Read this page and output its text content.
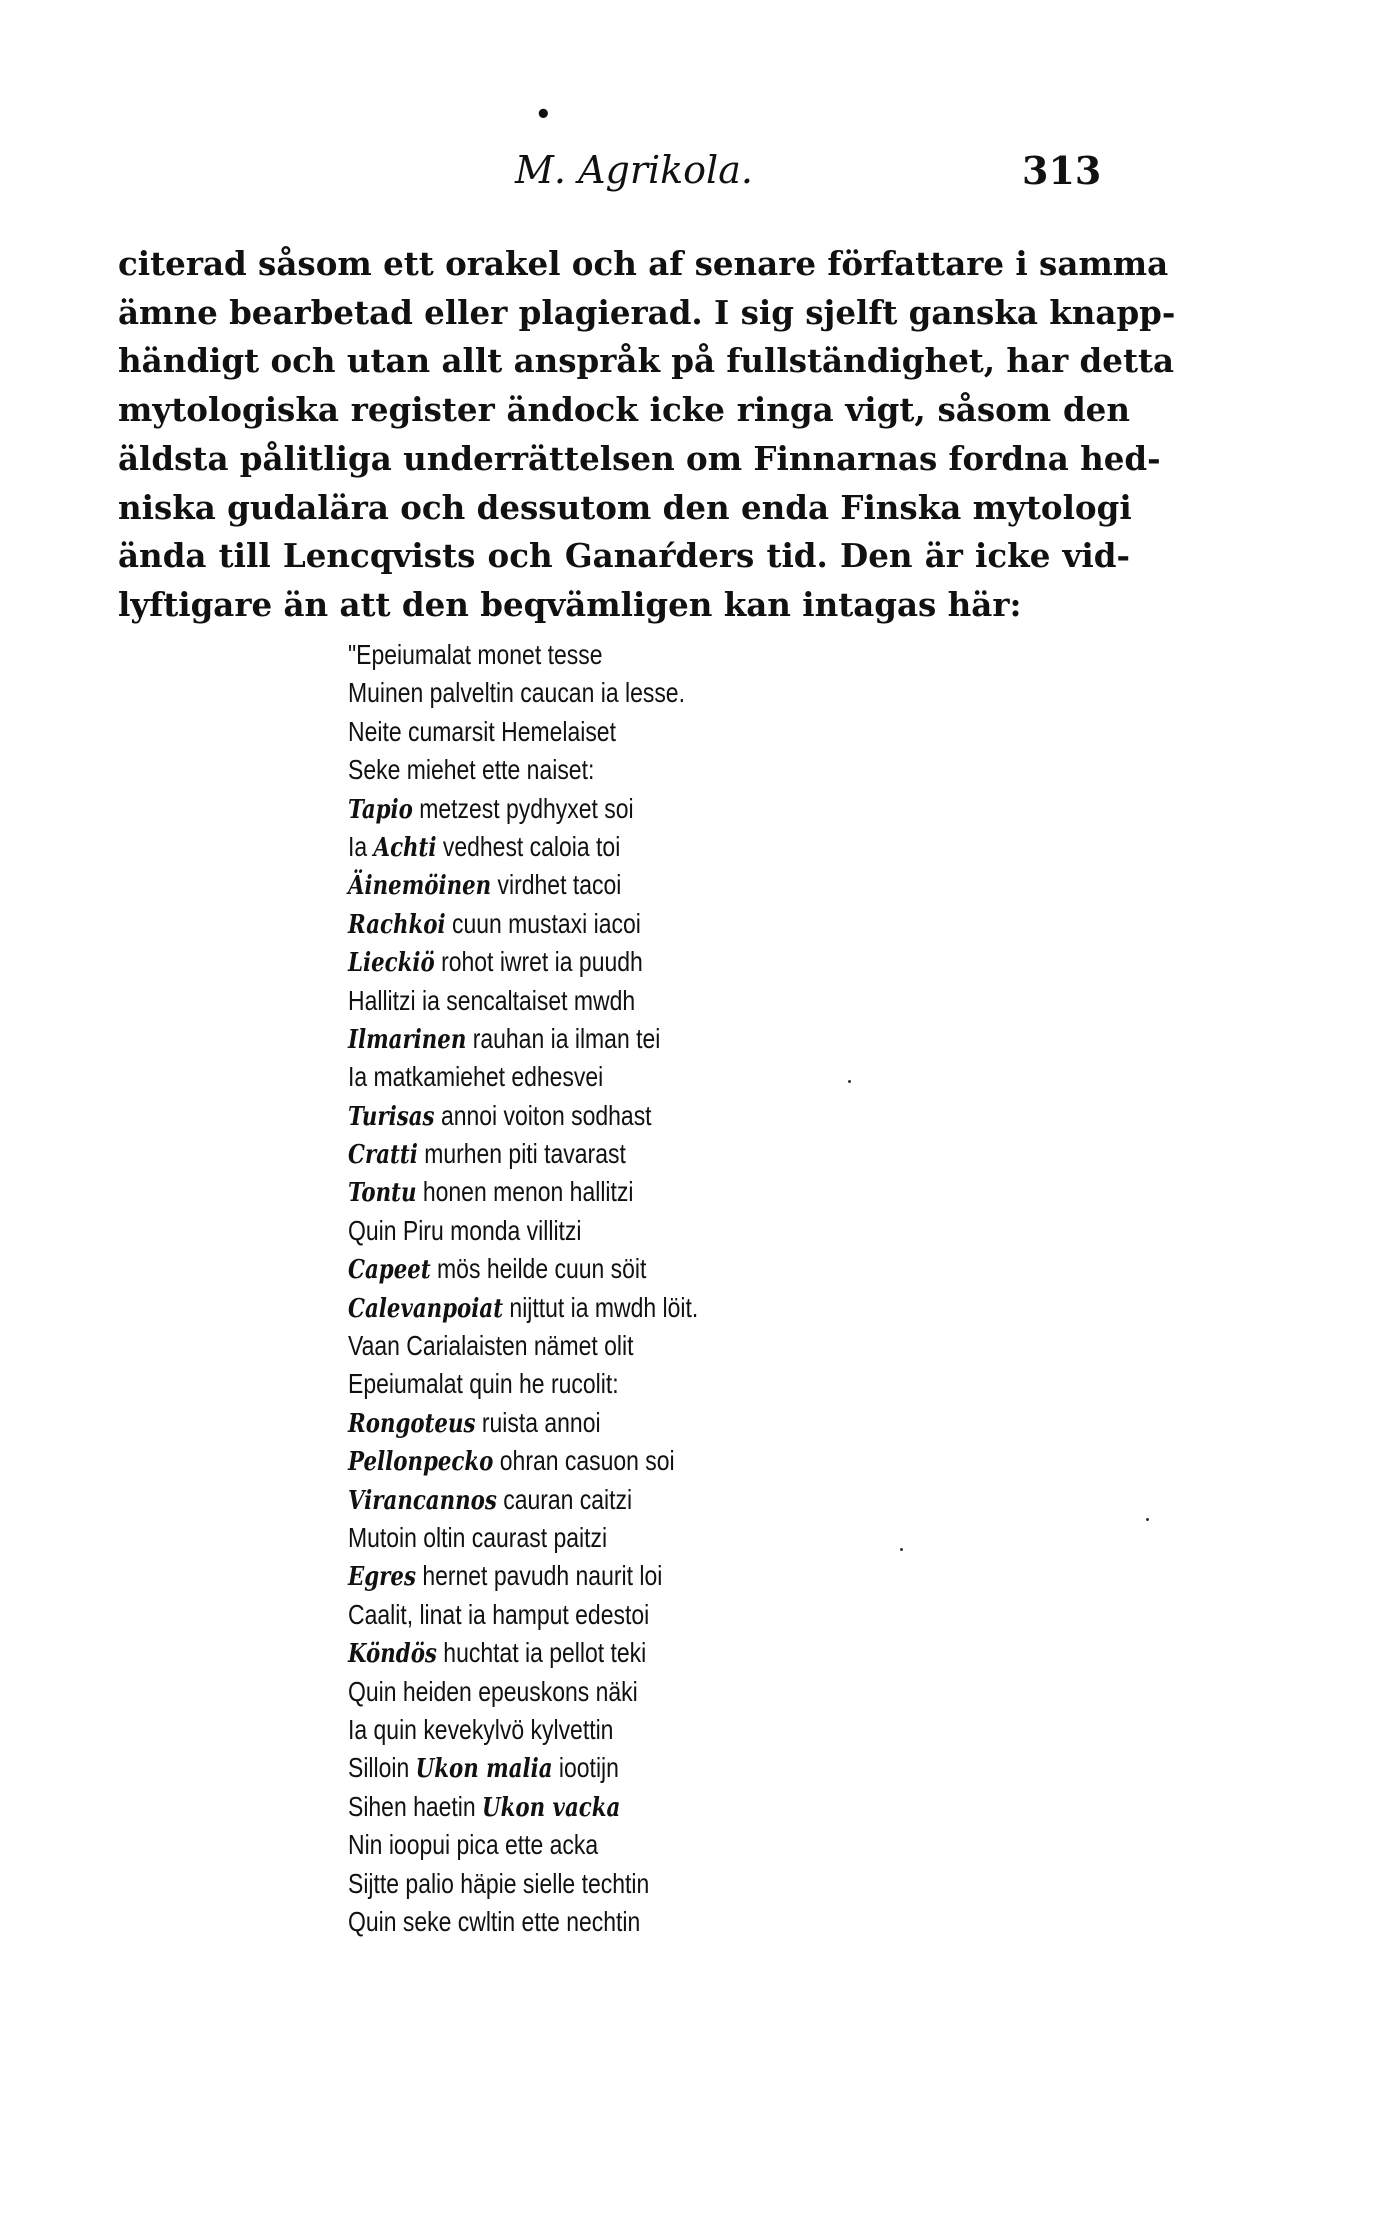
•
M. Agrikola.	313
citerad såsom ett orakel och af senare författare i samma
ämne bearbetad eller plagierad. I sig sjelft ganska knapp-
händigt och utan allt anspråk på fullständighet, har detta
mytologiska register ändock icke ringa vigt, såsom den
äldsta pålitliga underrättelsen om Finnarnas fordna hed-
niska gudalära och dessutom den enda Finska mytologi
ända till Lencqvists och Ganaŕders tid. Den är icke vid-
lyftigare än att den beqvämligen kan intagas här:
"Epeiumalat monet tesse
Muinen palveltin caucan ia lesse.
Neite cumarsit Hemelaiset
Seke miehet ette naiset:
Tapio metzest pydhyxet soi
Ia Achti vedhest caloia toi
Äinemöinen virdhet tacoi
Rachkoi cuun mustaxi iacoi
Lieckiö rohot iwret ia puudh
Hallitzi ia sencaltaiset mwdh
Ilmarinen rauhan ia ilman tei
Ia matkamiehet edhesvei
Turisas annoi voiton sodhast
Cratti murhen piti tavarast
Tontu honen menon hallitzi
Quin Piru monda villitzi
Capeet mös heilde cuun söit
Calevanpoiat nijttut ia mwdh löit.
Vaan Carialaisten nämet olit
Epeiumalat quin he rucolit:
Rongoteus ruista annoi
Pellonpecko ohran casuon soi
Virancannos cauran caitzi
Mutoin oltin caurast paitzi
Egres hernet pavudh naurit loi
Caalit, linat ia hamput edestoi
Köndös huchtat ia pellot teki
Quin heiden epeuskons näki
Ia quin kevekylvö kylvettin
Silloin Ukon malia iootijn
Sihen haetin Ukon vacka
Nin ioopui pica ette acka
Sijtte palio häpie sielle techtin
Quin seke cwltin ette nechtin
